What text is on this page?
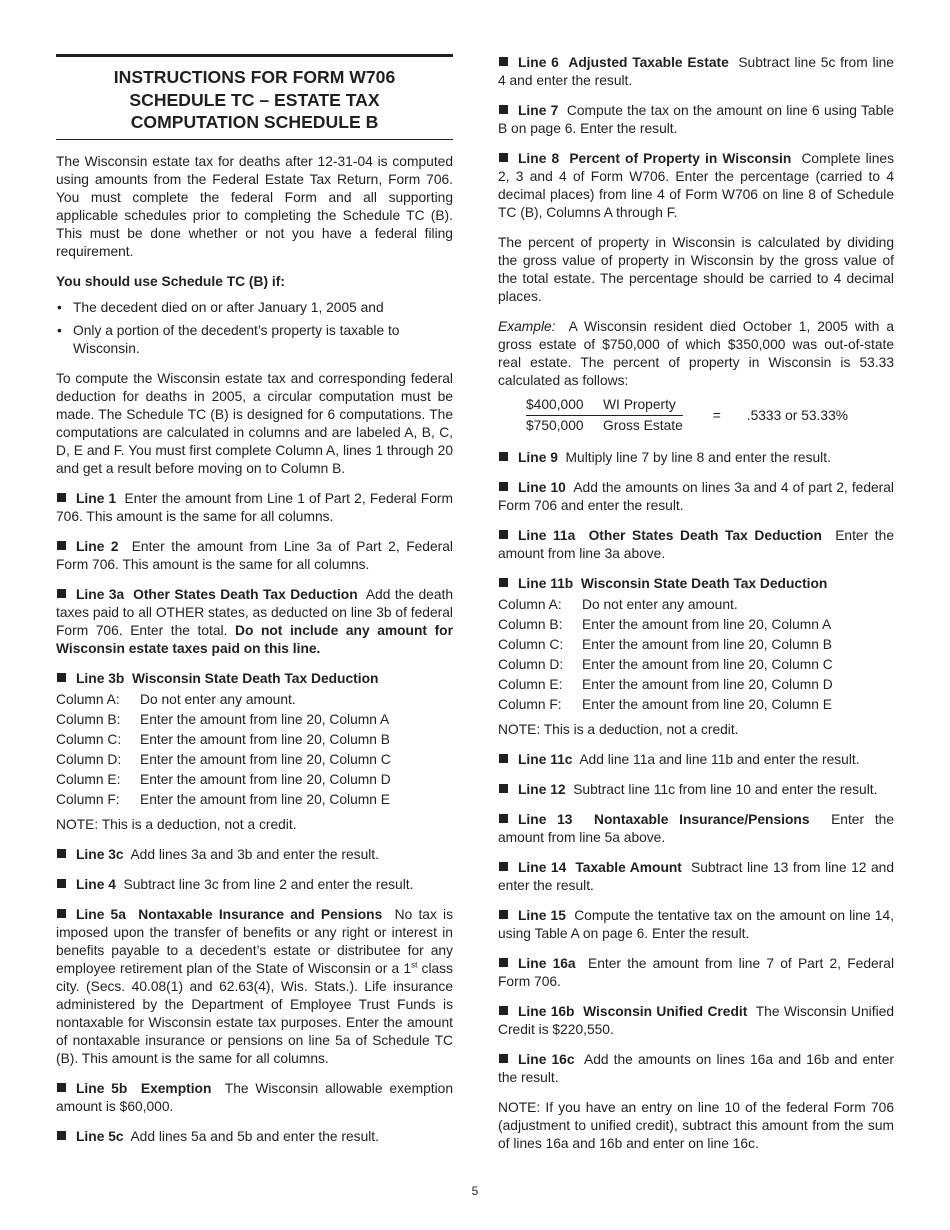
INSTRUCTIONS FOR FORM W706
SCHEDULE TC – ESTATE TAX
COMPUTATION SCHEDULE B

The Wisconsin estate tax for deaths after 12-31-04 is computed using amounts from the Federal Estate Tax Return, Form 706. You must complete the federal Form and all supporting applicable schedules prior to completing the Schedule TC (B). This must be done whether or not you have a federal filing requirement.

You should use Schedule TC (B) if:

• The decedent died on or after January 1, 2005 and
• Only a portion of the decedent’s property is taxable to Wisconsin.

To compute the Wisconsin estate tax and corresponding federal deduction for deaths in 2005, a circular computation must be made. The Schedule TC (B) is designed for 6 computations. The computations are calculated in columns and are labeled A, B, C, D, E and F. You must first complete Column A, lines 1 through 20 and get a result before moving on to Column B.

Line 1 Enter the amount from Line 1 of Part 2, Federal Form 706. This amount is the same for all columns.

Line 2 Enter the amount from Line 3a of Part 2, Federal Form 706. This amount is the same for all columns.

Line 3a Other States Death Tax Deduction Add the death taxes paid to all OTHER states, as deducted on line 3b of federal Form 706. Enter the total. Do not include any amount for Wisconsin estate taxes paid on this line.

Line 3b Wisconsin State Death Tax Deduction

Column A:	Do not enter any amount.
Column B:	Enter the amount from line 20, Column A
Column C:	Enter the amount from line 20, Column B
Column D:	Enter the amount from line 20, Column C
Column E:	Enter the amount from line 20, Column D
Column F:	Enter the amount from line 20, Column E

NOTE: This is a deduction, not a credit.

Line 3c Add lines 3a and 3b and enter the result.

Line 4 Subtract line 3c from line 2 and enter the result.

Line 5a Nontaxable Insurance and Pensions No tax is imposed upon the transfer of benefits or any right or interest in benefits payable to a decedent’s estate or distributee for any employee retirement plan of the State of Wisconsin or a 1st class city. (Secs. 40.08(1) and 62.63(4), Wis. Stats.). Life insurance administered by the Department of Employee Trust Funds is nontaxable for Wisconsin estate tax purposes. Enter the amount of nontaxable insurance or pensions on line 5a of Schedule TC (B). This amount is the same for all columns.

Line 5b Exemption The Wisconsin allowable exemption amount is $60,000.

Line 5c Add lines 5a and 5b and enter the result.

Line 6 Adjusted Taxable Estate Subtract line 5c from line 4 and enter the result.

Line 7 Compute the tax on the amount on line 6 using Table B on page 6. Enter the result.

Line 8 Percent of Property in Wisconsin Complete lines 2, 3 and 4 of Form W706. Enter the percentage (carried to 4 decimal places) from line 4 of Form W706 on line 8 of Schedule TC (B), Columns A through F.

The percent of property in Wisconsin is calculated by dividing the gross value of property in Wisconsin by the gross value of the total estate. The percentage should be carried to 4 decimal places.

Example: A Wisconsin resident died October 1, 2005 with a gross estate of $750,000 of which $350,000 was out-of-state real estate. The percent of property in Wisconsin is 53.33 calculated as follows:

$400,000	WI Property
$750,000	Gross Estate =	.5333 or 53.33%

Line 9 Multiply line 7 by line 8 and enter the result.

Line 10 Add the amounts on lines 3a and 4 of part 2, federal Form 706 and enter the result.

Line 11a Other States Death Tax Deduction Enter the amount from line 3a above.

Line 11b Wisconsin State Death Tax Deduction

Column A:	Do not enter any amount.
Column B:	Enter the amount from line 20, Column A
Column C:	Enter the amount from line 20, Column B
Column D:	Enter the amount from line 20, Column C
Column E:	Enter the amount from line 20, Column D
Column F:	Enter the amount from line 20, Column E

NOTE: This is a deduction, not a credit.

Line 11c Add line 11a and line 11b and enter the result.

Line 12 Subtract line 11c from line 10 and enter the result.

Line 13 Nontaxable Insurance/Pensions Enter the amount from line 5a above.

Line 14 Taxable Amount Subtract line 13 from line 12 and enter the result.

Line 15 Compute the tentative tax on the amount on line 14, using Table A on page 6. Enter the result.

Line 16a Enter the amount from line 7 of Part 2, Federal Form 706.

Line 16b Wisconsin Unified Credit The Wisconsin Unified Credit is $220,550.

Line 16c Add the amounts on lines 16a and 16b and enter the result.

NOTE: If you have an entry on line 10 of the federal Form 706 (adjustment to unified credit), subtract this amount from the sum of lines 16a and 16b and enter on line 16c.

5
